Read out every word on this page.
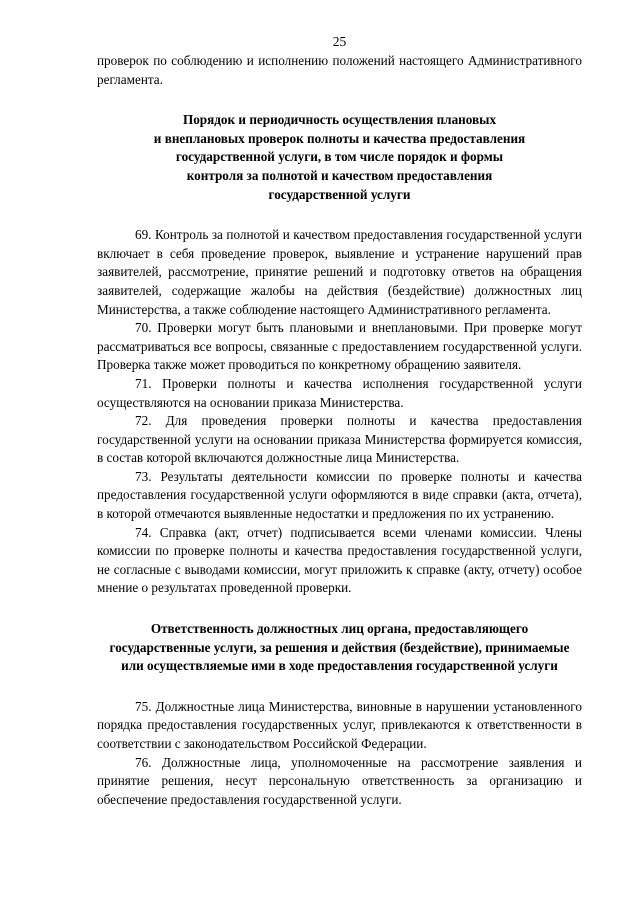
25

проверок по соблюдению и исполнению положений настоящего Административного регламента.

Порядок и периодичность осуществления плановых
и внеплановых проверок полноты и качества предоставления
государственной услуги, в том числе порядок и формы
контроля за полнотой и качеством предоставления
государственной услуги

69. Контроль за полнотой и качеством предоставления государственной услуги включает в себя проведение проверок, выявление и устранение нарушений прав заявителей, рассмотрение, принятие решений и подготовку ответов на обращения заявителей, содержащие жалобы на действия (бездействие) должностных лиц Министерства, а также соблюдение настоящего Административного регламента.

70. Проверки могут быть плановыми и внеплановыми. При проверке могут рассматриваться все вопросы, связанные с предоставлением государственной услуги. Проверка также может проводиться по конкретному обращению заявителя.

71. Проверки полноты и качества исполнения государственной услуги осуществляются на основании приказа Министерства.

72. Для проведения проверки полноты и качества предоставления государственной услуги на основании приказа Министерства формируется комиссия, в состав которой включаются должностные лица Министерства.

73. Результаты деятельности комиссии по проверке полноты и качества предоставления государственной услуги оформляются в виде справки (акта, отчета), в которой отмечаются выявленные недостатки и предложения по их устранению.

74. Справка (акт, отчет) подписывается всеми членами комиссии. Члены комиссии по проверке полноты и качества предоставления государственной услуги, не согласные с выводами комиссии, могут приложить к справке (акту, отчету) особое мнение о результатах проведенной проверки.

Ответственность должностных лиц органа, предоставляющего
государственные услуги, за решения и действия (бездействие), принимаемые
или осуществляемые ими в ходе предоставления государственной услуги

75. Должностные лица Министерства, виновные в нарушении установленного порядка предоставления государственных услуг, привлекаются к ответственности в соответствии с законодательством Российской Федерации.

76. Должностные лица, уполномоченные на рассмотрение заявления и принятие решения, несут персональную ответственность за организацию и обеспечение предоставления государственной услуги.
